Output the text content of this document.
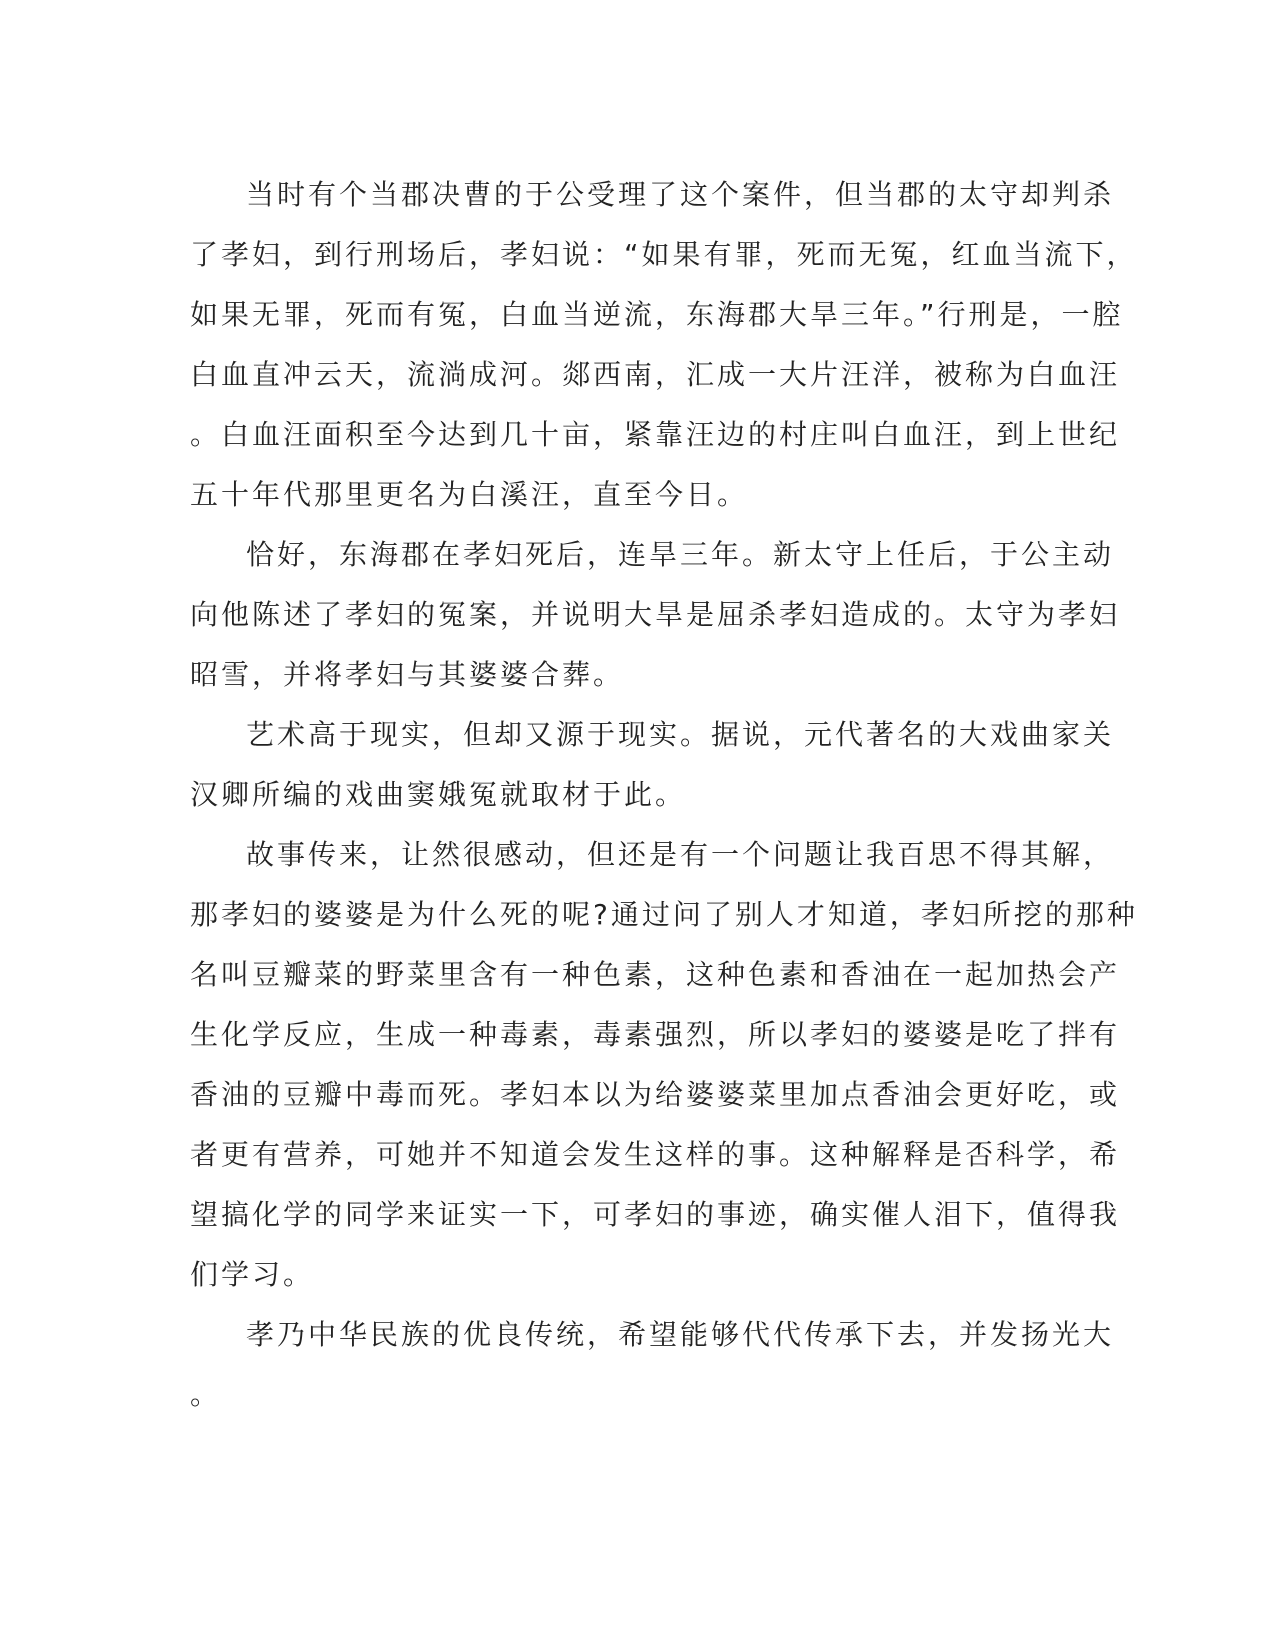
当时有个当郡决曹的于公受理了这个案件，但当郡的太守却判杀
了孝妇，到行刑场后，孝妇说：“如果有罪，死而无冤，红血当流下，
如果无罪，死而有冤，白血当逆流，东海郡大旱三年。”行刑是，一腔
白血直冲云天，流淌成河。郯西南，汇成一大片汪洋，被称为白血汪
。白血汪面积至今达到几十亩，紧靠汪边的村庄叫白血汪，到上世纪
五十年代那里更名为白溪汪，直至今日。

恰好，东海郡在孝妇死后，连旱三年。新太守上任后，于公主动
向他陈述了孝妇的冤案，并说明大旱是屈杀孝妇造成的。太守为孝妇
昭雪，并将孝妇与其婆婆合葬。

艺术高于现实，但却又源于现实。据说，元代著名的大戏曲家关
汉卿所编的戏曲窦娥冤就取材于此。

故事传来，让然很感动，但还是有一个问题让我百思不得其解，
那孝妇的婆婆是为什么死的呢?通过问了别人才知道，孝妇所挖的那种
名叫豆瓣菜的野菜里含有一种色素，这种色素和香油在一起加热会产
生化学反应，生成一种毒素，毒素强烈，所以孝妇的婆婆是吃了拌有
香油的豆瓣中毒而死。孝妇本以为给婆婆菜里加点香油会更好吃，或
者更有营养，可她并不知道会发生这样的事。这种解释是否科学，希
望搞化学的同学来证实一下，可孝妇的事迹，确实催人泪下，值得我
们学习。

孝乃中华民族的优良传统，希望能够代代传承下去，并发扬光大
。
